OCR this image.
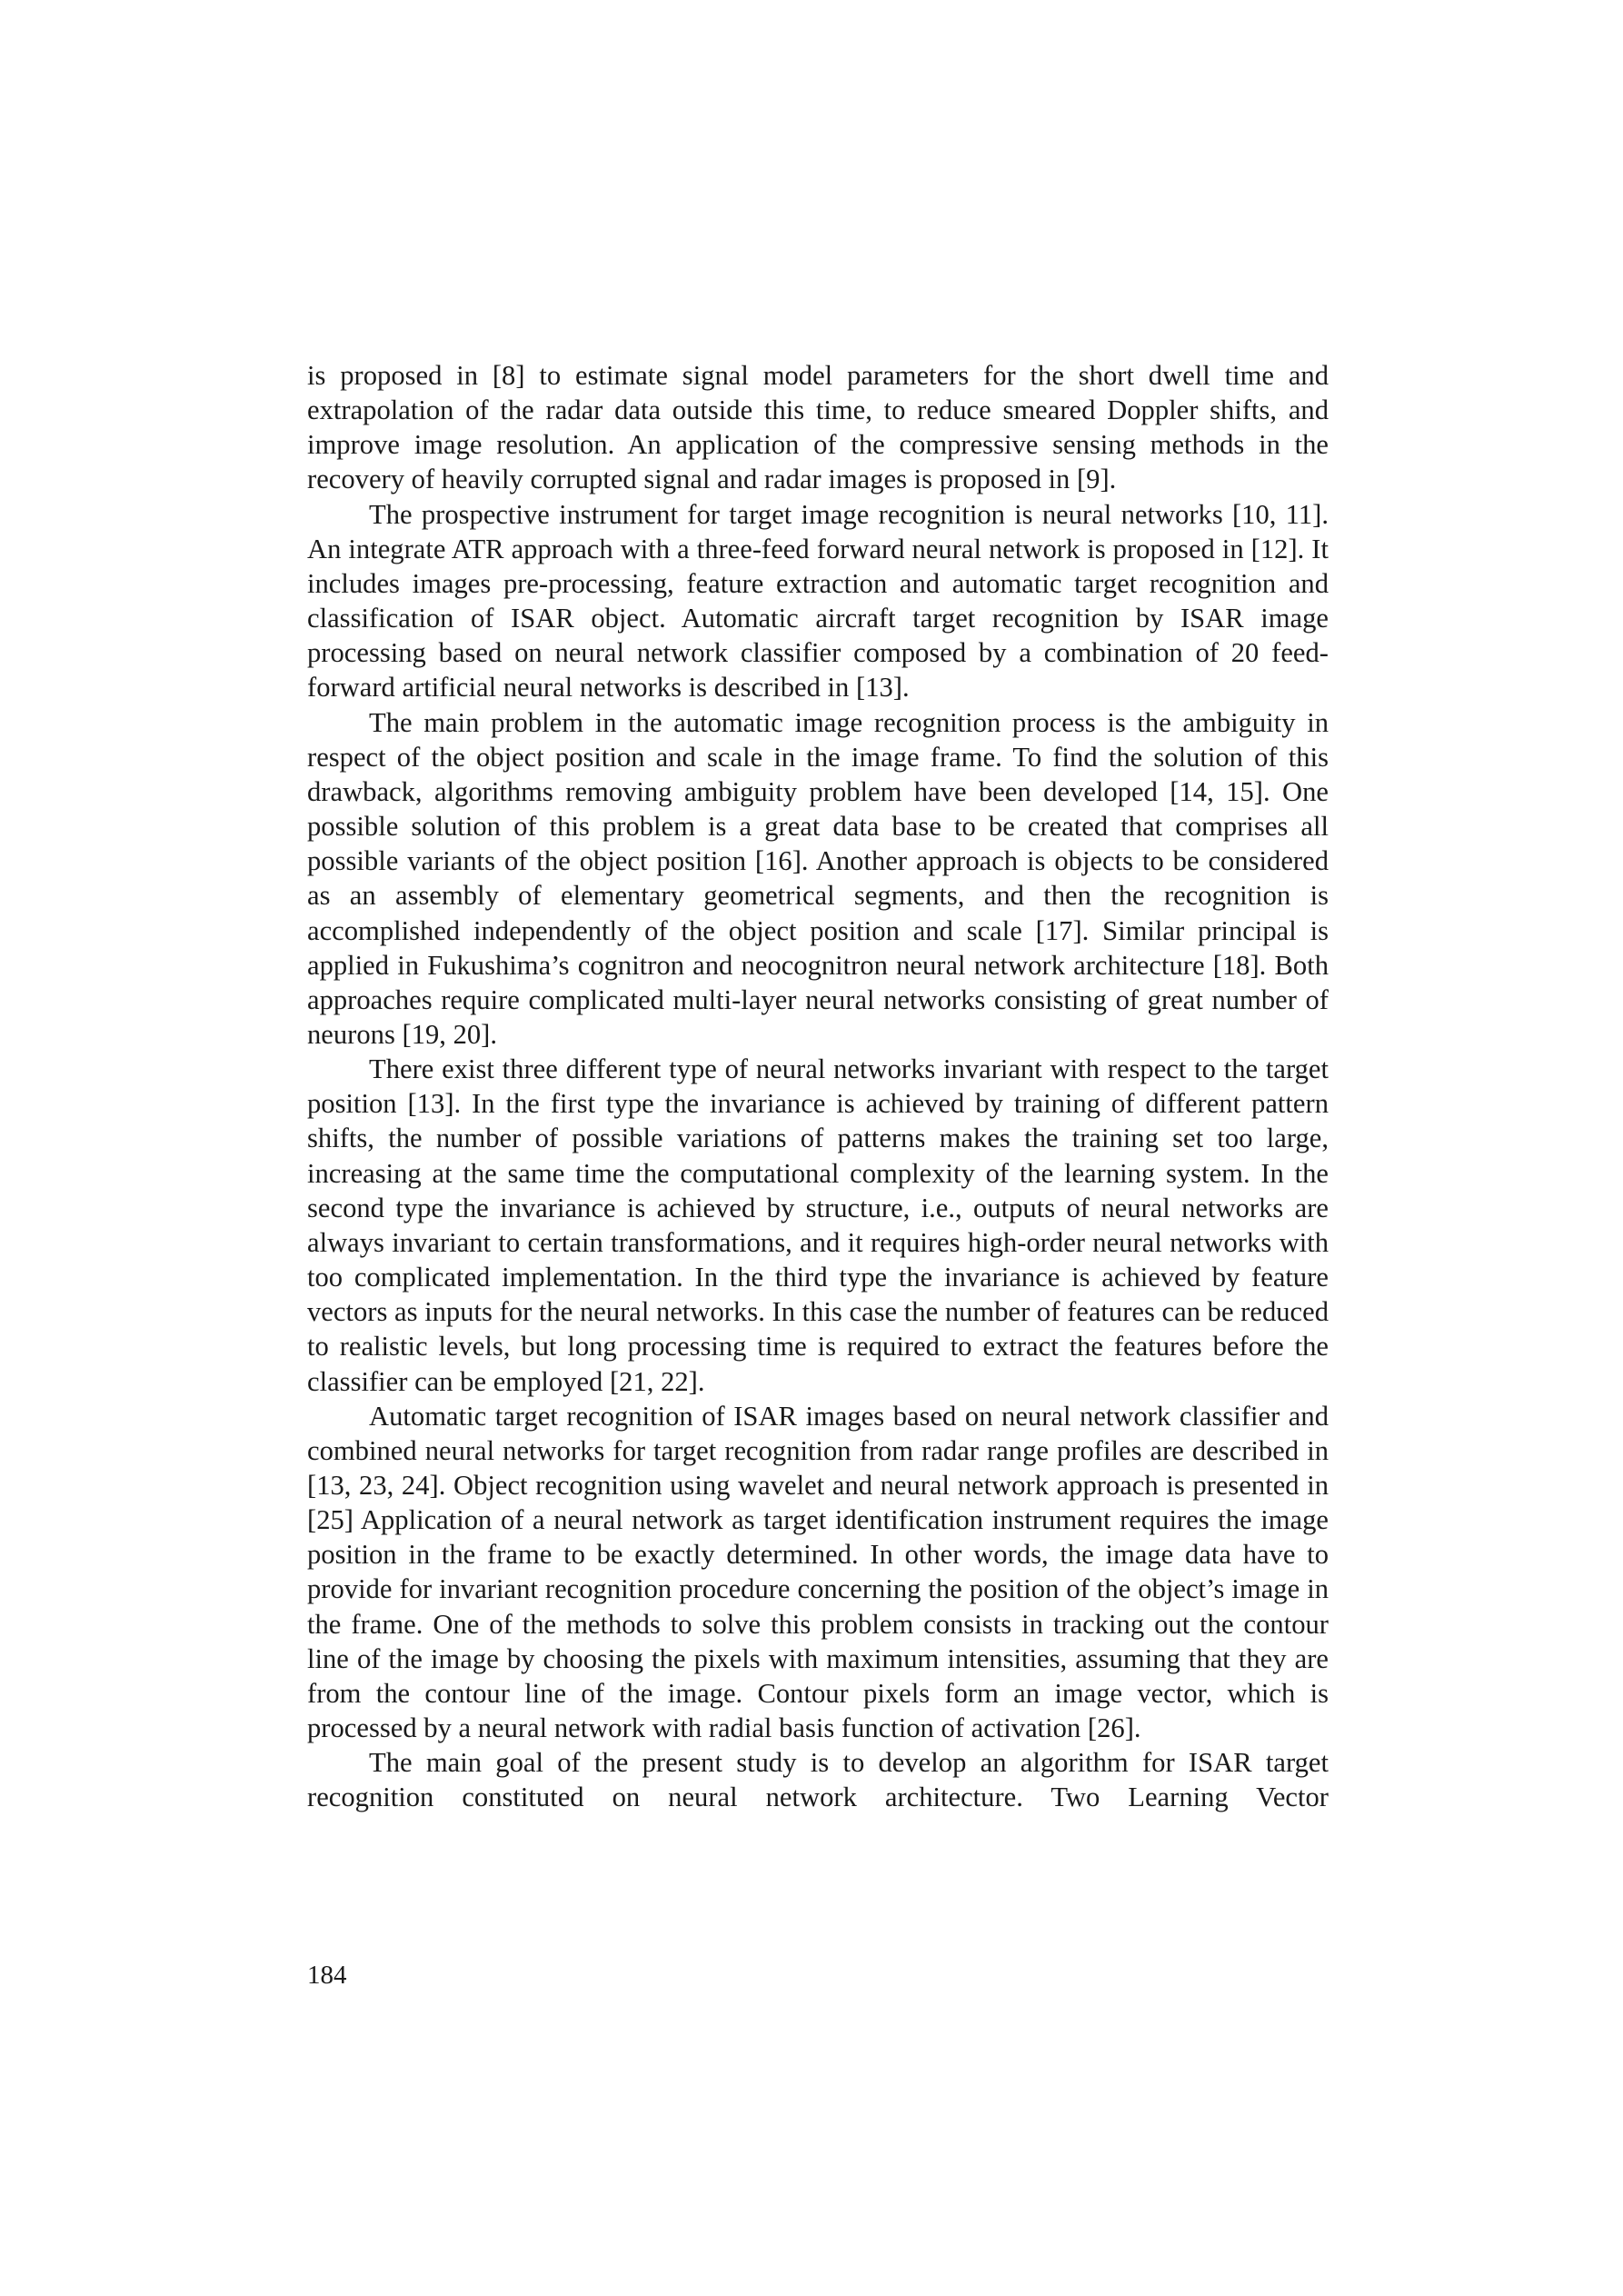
is proposed in [8] to estimate signal model parameters for the short dwell time and extrapolation of the radar data outside this time, to reduce smeared Doppler shifts, and improve image resolution. An application of the compressive sensing methods in the recovery of heavily corrupted signal and radar images is proposed in [9].

The prospective instrument for target image recognition is neural networks [10, 11]. An integrate ATR approach with a three-feed forward neural network is proposed in [12]. It includes images pre-processing, feature extraction and automatic target recognition and classification of ISAR object. Automatic aircraft target recognition by ISAR image processing based on neural network classifier composed by a combination of 20 feed-forward artificial neural networks is described in [13].

The main problem in the automatic image recognition process is the ambiguity in respect of the object position and scale in the image frame. To find the solution of this drawback, algorithms removing ambiguity problem have been developed [14, 15]. One possible solution of this problem is a great data base to be created that comprises all possible variants of the object position [16]. Another approach is objects to be considered as an assembly of elementary geometrical segments, and then the recognition is accomplished independently of the object position and scale [17]. Similar principal is applied in Fukushima’s cognitron and neocognitron neural network architecture [18]. Both approaches require complicated multi-layer neural networks consisting of great number of neurons [19, 20].

There exist three different type of neural networks invariant with respect to the target position [13]. In the first type the invariance is achieved by training of different pattern shifts, the number of possible variations of patterns makes the training set too large, increasing at the same time the computational complexity of the learning system. In the second type the invariance is achieved by structure, i.e., outputs of neural networks are always invariant to certain transformations, and it requires high-order neural networks with too complicated implementation. In the third type the invariance is achieved by feature vectors as inputs for the neural networks. In this case the number of features can be reduced to realistic levels, but long processing time is required to extract the features before the classifier can be employed [21, 22].

Automatic target recognition of ISAR images based on neural network classifier and combined neural networks for target recognition from radar range profiles are described in [13, 23, 24]. Object recognition using wavelet and neural network approach is presented in [25] Application of a neural network as target identification instrument requires the image position in the frame to be exactly determined. In other words, the image data have to provide for invariant recognition procedure concerning the position of the object’s image in the frame. One of the methods to solve this problem consists in tracking out the contour line of the image by choosing the pixels with maximum intensities, assuming that they are from the contour line of the image. Contour pixels form an image vector, which is processed by a neural network with radial basis function of activation [26].

The main goal of the present study is to develop an algorithm for ISAR target recognition constituted on neural network architecture. Two Learning Vector

184
